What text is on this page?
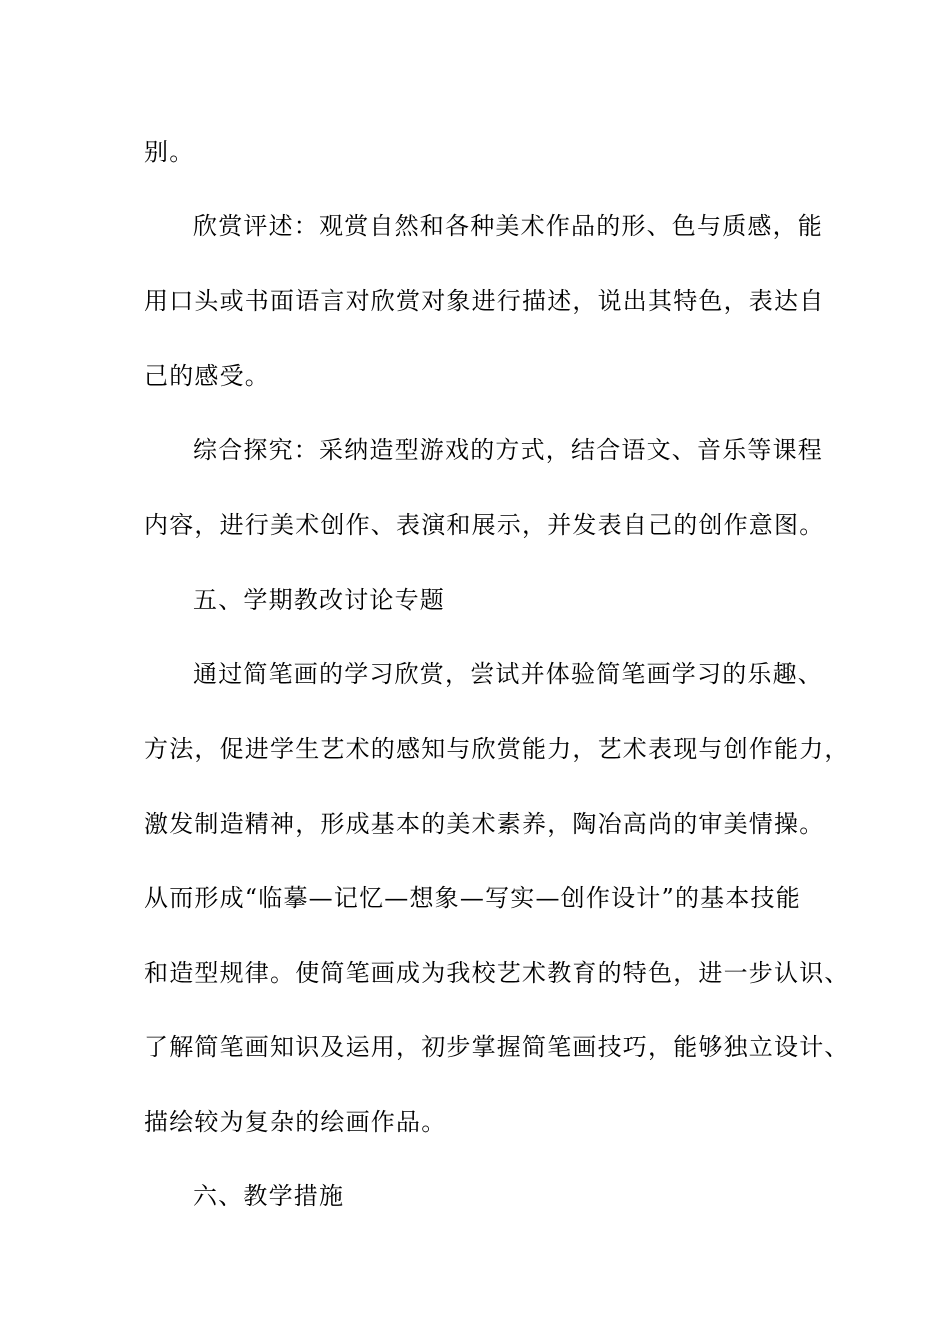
别。
欣赏评述：观赏自然和各种美术作品的形、色与质感，能
用口头或书面语言对欣赏对象进行描述，说出其特色，表达自
己的感受。
综合探究：采纳造型游戏的方式，结合语文、音乐等课程
内容，进行美术创作、表演和展示，并发表自己的创作意图。
五、学期教改讨论专题
通过简笔画的学习欣赏，尝试并体验简笔画学习的乐趣、
方法，促进学生艺术的感知与欣赏能力，艺术表现与创作能力，
激发制造精神，形成基本的美术素养，陶冶高尚的审美情操。
从而形成“临摹—记忆—想象—写实—创作设计”的基本技能
和造型规律。使简笔画成为我校艺术教育的特色，进一步认识、
了解简笔画知识及运用，初步掌握简笔画技巧，能够独立设计、
描绘较为复杂的绘画作品。
六、教学措施
